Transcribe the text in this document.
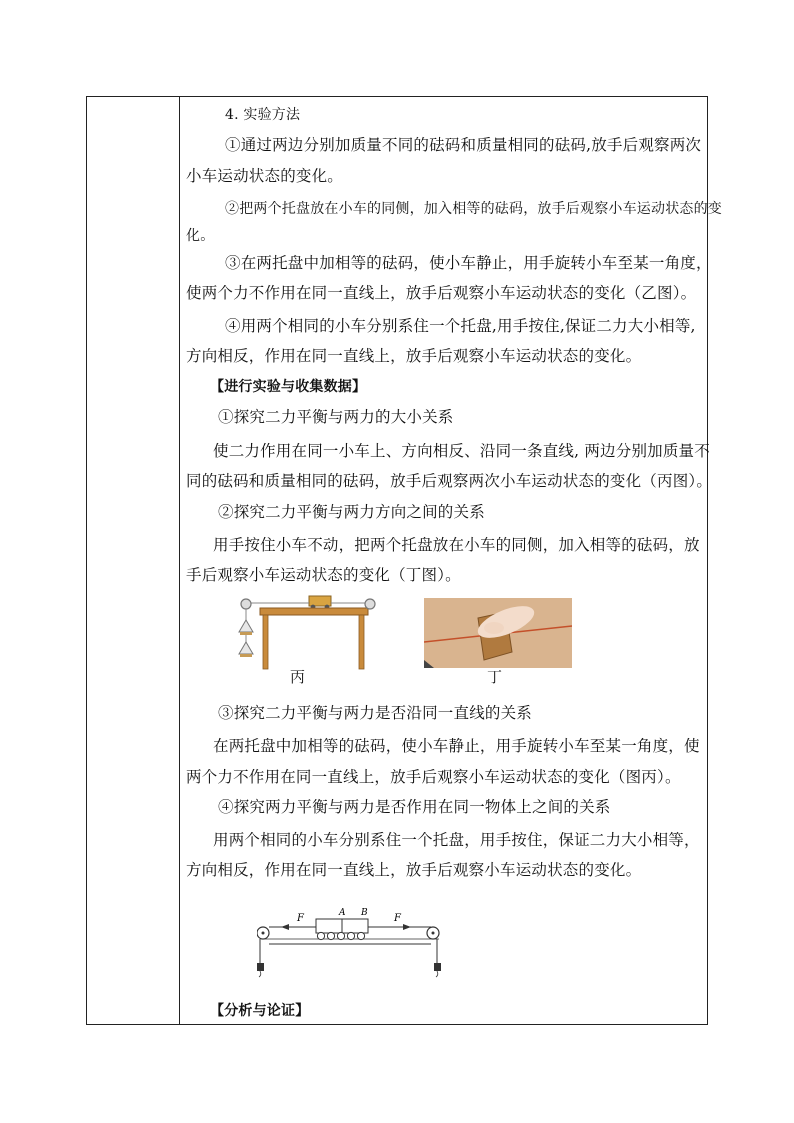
4. 实验方法
①通过两边分别加质量不同的砝码和质量相同的砝码,放手后观察两次
小车运动状态的变化。
②把两个托盘放在小车的同侧，加入相等的砝码，放手后观察小车运动状态的变
化。
③在两托盘中加相等的砝码，使小车静止，用手旋转小车至某一角度，
使两个力不作用在同一直线上，放手后观察小车运动状态的变化（乙图）。
④用两个相同的小车分别系住一个托盘,用手按住,保证二力大小相等,
方向相反，作用在同一直线上，放手后观察小车运动状态的变化。
【进行实验与收集数据】
①探究二力平衡与两力的大小关系
使二力作用在同一小车上、方向相反、沿同一条直线, 两边分别加质量不
同的砝码和质量相同的砝码，放手后观察两次小车运动状态的变化（丙图）。
②探究二力平衡与两力方向之间的关系
用手按住小车不动，把两个托盘放在小车的同侧，加入相等的砝码，放
手后观察小车运动状态的变化（丁图）。
丙	丁
③探究二力平衡与两力是否沿同一直线的关系
在两托盘中加相等的砝码，使小车静止，用手旋转小车至某一角度，使
两个力不作用在同一直线上，放手后观察小车运动状态的变化（图丙）。
④探究两力平衡与两力是否作用在同一物体上之间的关系
用两个相同的小车分别系住一个托盘，用手按住，保证二力大小相等，
方向相反，作用在同一直线上，放手后观察小车运动状态的变化。
F	F
A B
【分析与论证】
